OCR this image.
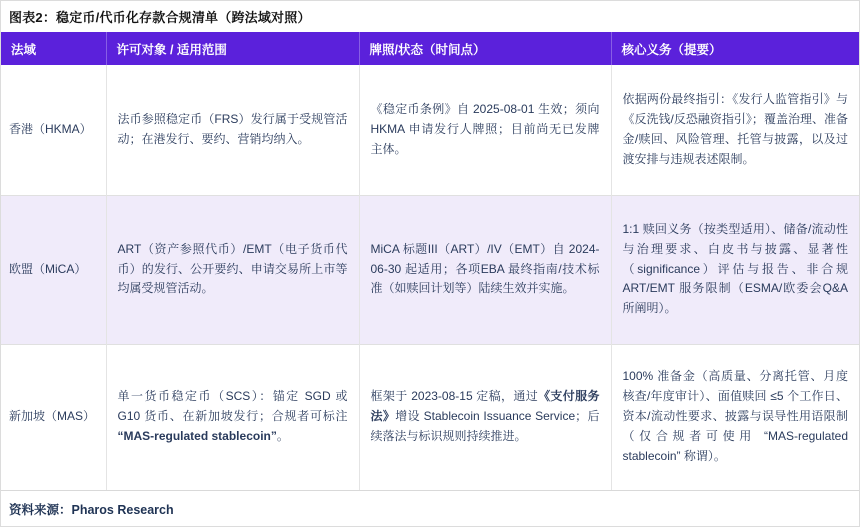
图表2：稳定币/代币化存款合规清单（跨法域对照）
法域	许可对象 / 适用范围	牌照/状态（时间点）	核心义务（提要）
香港（HKMA）	法币参照稳定币（FRS）发行属于受规管活动；在港发行、要约、营销均纳入。	《稳定币条例》自 2025-08-01 生效；须向 HKMA 申请发行人牌照；目前尚无已发牌主体。	依据两份最终指引：《发行人监管指引》与《反洗钱/反恐融资指引》；覆盖治理、准备金/赎回、风险管理、托管与披露，以及过渡安排与违规表述限制。
欧盟（MiCA）	ART（资产参照代币）/EMT（电子货币代币）的发行、公开要约、申请交易所上市等均属受规管活动。	MiCA 标题III（ART）/IV（EMT）自 2024-06-30 起适用；各项EBA 最终指南/技术标准（如赎回计划等）陆续生效并实施。	1:1 赎回义务（按类型适用）、储备/流动性与治理要求、白皮书与披露、显著性（significance）评估与报告、非合规 ART/EMT 服务限制（ESMA/欧委会Q&A所阐明）。
新加坡（MAS）	单一货币稳定币（SCS）：锚定 SGD 或 G10 货币、在新加坡发行；合规者可标注 “MAS-regulated stablecoin”。	框架于 2023-08-15 定稿，通过《支付服务法》增设 Stablecoin Issuance Service；后续落法与标识规则持续推进。	100% 准备金（高质量、分离托管、月度核查/年度审计）、面值赎回 ≤5 个工作日、资本/流动性要求、披露与误导性用语限制（仅合规者可使用 “MAS-regulated stablecoin” 称谓）。
资料来源：Pharos Research
